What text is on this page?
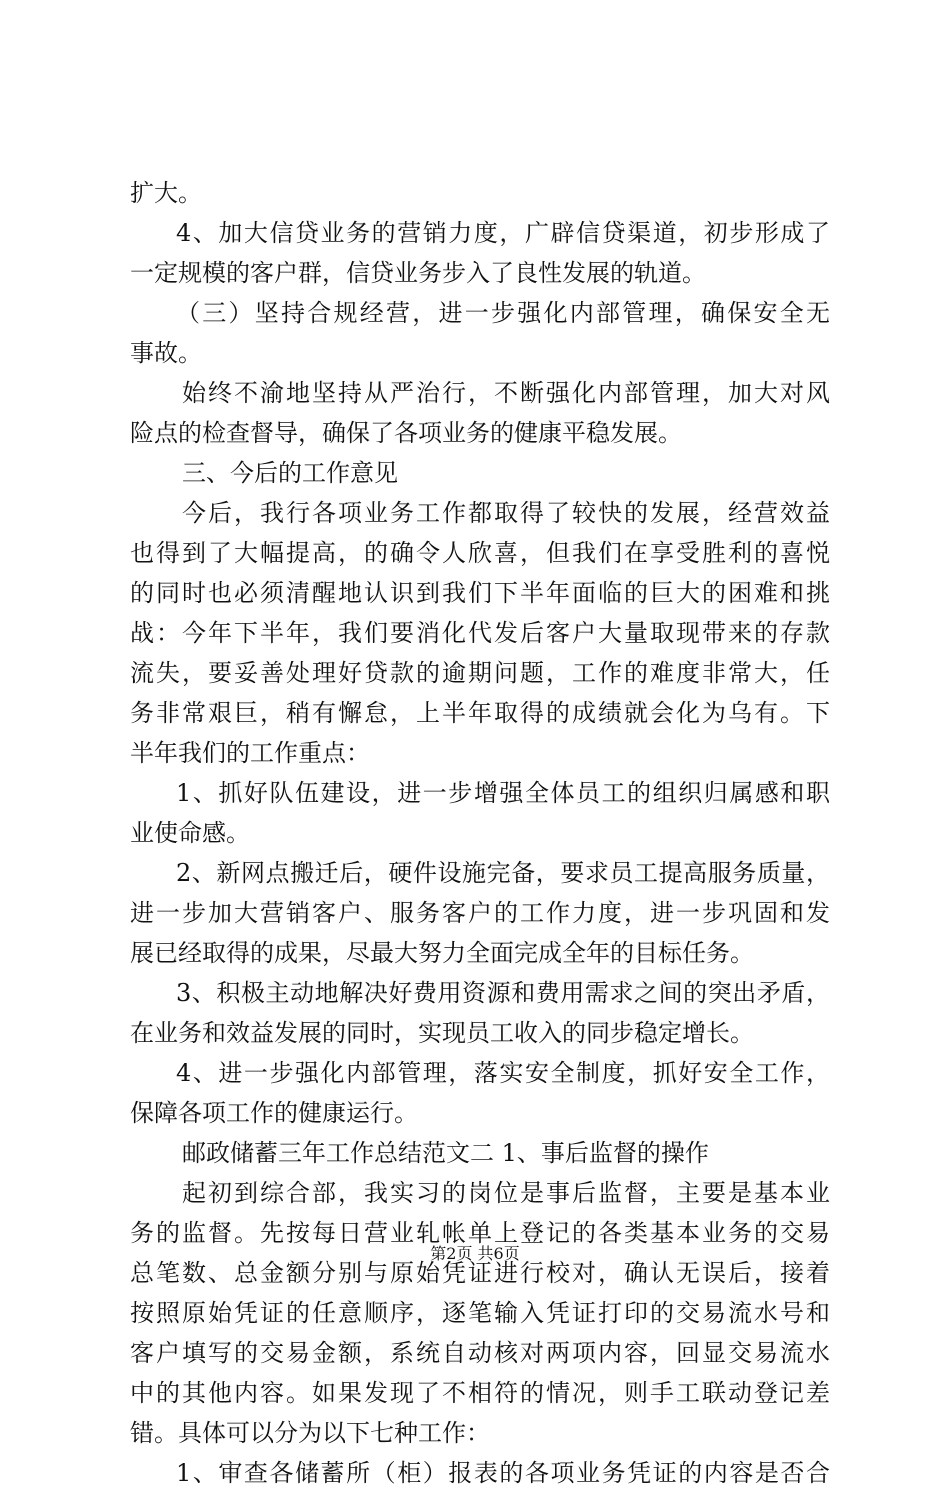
扩大。
4、加大信贷业务的营销力度，广辟信贷渠道，初步形成了
一定规模的客户群，信贷业务步入了良性发展的轨道。
（三）坚持合规经营，进一步强化内部管理，确保安全无
事故。
始终不渝地坚持从严治行，不断强化内部管理，加大对风
险点的检查督导，确保了各项业务的健康平稳发展。
三、今后的工作意见
今后，我行各项业务工作都取得了较快的发展，经营效益
也得到了大幅提高，的确令人欣喜，但我们在享受胜利的喜悦
的同时也必须清醒地认识到我们下半年面临的巨大的困难和挑
战：今年下半年，我们要消化代发后客户大量取现带来的存款
流失，要妥善处理好贷款的逾期问题，工作的难度非常大，任
务非常艰巨，稍有懈怠，上半年取得的成绩就会化为乌有。下
半年我们的工作重点：
1、抓好队伍建设，进一步增强全体员工的组织归属感和职
业使命感。
2、新网点搬迁后，硬件设施完备，要求员工提高服务质量，
进一步加大营销客户、服务客户的工作力度，进一步巩固和发
展已经取得的成果，尽最大努力全面完成全年的目标任务。
3、积极主动地解决好费用资源和费用需求之间的突出矛盾，
在业务和效益发展的同时，实现员工收入的同步稳定增长。
4、进一步强化内部管理，落实安全制度，抓好安全工作，
保障各项工作的健康运行。
邮政储蓄三年工作总结范文二 1、事后监督的操作
起初到综合部，我实习的岗位是事后监督，主要是基本业
务的监督。先按每日营业轧帐单上登记的各类基本业务的交易
总笔数、总金额分别与原始凭证进行校对，确认无误后，接着
按照原始凭证的任意顺序，逐笔输入凭证打印的交易流水号和
客户填写的交易金额，系统自动核对两项内容，回显交易流水
中的其他内容。如果发现了不相符的情况，则手工联动登记差
错。具体可以分为以下七种工作：
1、审查各储蓄所（柜）报表的各项业务凭证的内容是否合
第2页 共6页
